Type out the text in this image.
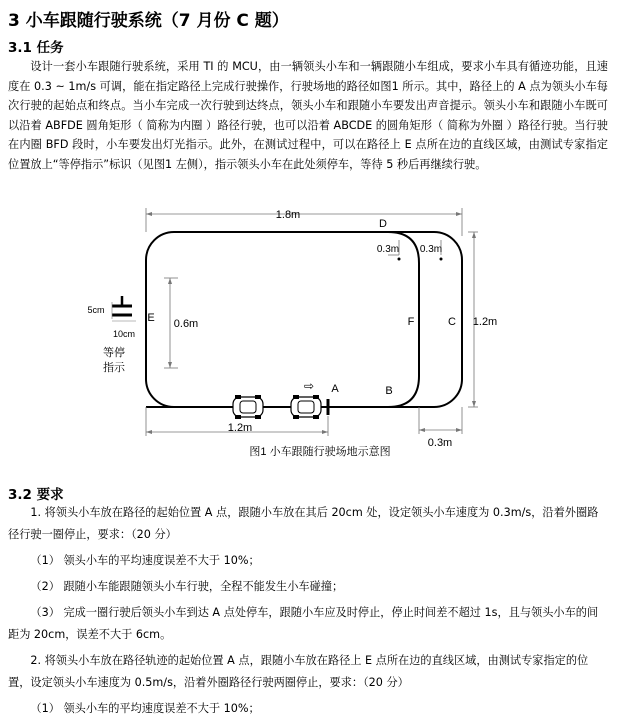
3 小车跟随行驶系统（7 月份 C 题）
3.1 任务

设计一套小车跟随行驶系统，采用 TI 的 MCU，由一辆领头小车和一辆跟随小车组成，要求小车具有循迹功能，且速度在 0.3 ~ 1m/s 可调，能在指定路径上完成行驶操作，行驶场地的路径如图1 所示。其中，路径上的 A 点为领头小车每次行驶的起始点和终点。当小车完成一次行驶到达终点，领头小车和跟随小车要发出声音提示。领头小车和跟随小车既可以沿着 ABFDE 圆角矩形（ 简称为内圈 ）路径行驶，也可以沿着 ABCDE 的圆角矩形（ 简称为外圈 ）路径行驶。当行驶在内圈 BFD 段时，小车要发出灯光指示。此外，在测试过程中，可以在路径上 E 点所在边的直线区域，由测试专家指定位置放上“等停指示”标识（见图1 左侧），指示领头小车在此处须停车，等待 5 秒后再继续行驶。

1.8m
D
0.3m 0.3m
E 0.6m	F	C 1.2m
5cm
10cm
等停
指示
⇨ A	B
1.2m
0.3m
图1 小车跟随行驶场地示意图
3.2 要求

1. 将领头小车放在路径的起始位置 A 点，跟随小车放在其后 20cm 处，设定领头小车速度为 0.3m/s，沿着外圈路径行驶一圈停止，要求：（20 分）

（1） 领头小车的平均速度误差不大于 10%；

（2） 跟随小车能跟随领头小车行驶，全程不能发生小车碰撞；

（3） 完成一圈行驶后领头小车到达 A 点处停车，跟随小车应及时停止，停止时间差不超过 1s，且与领头小车的间距为 20cm，误差不大于 6cm。

2. 将领头小车放在路径轨迹的起始位置 A 点，跟随小车放在路径上 E 点所在边的直线区域，由测试专家指定的位置，设定领头小车速度为 0.5m/s，沿着外圈路径行驶两圈停止，要求：（20 分）

（1） 领头小车的平均速度误差不大于 10%；
